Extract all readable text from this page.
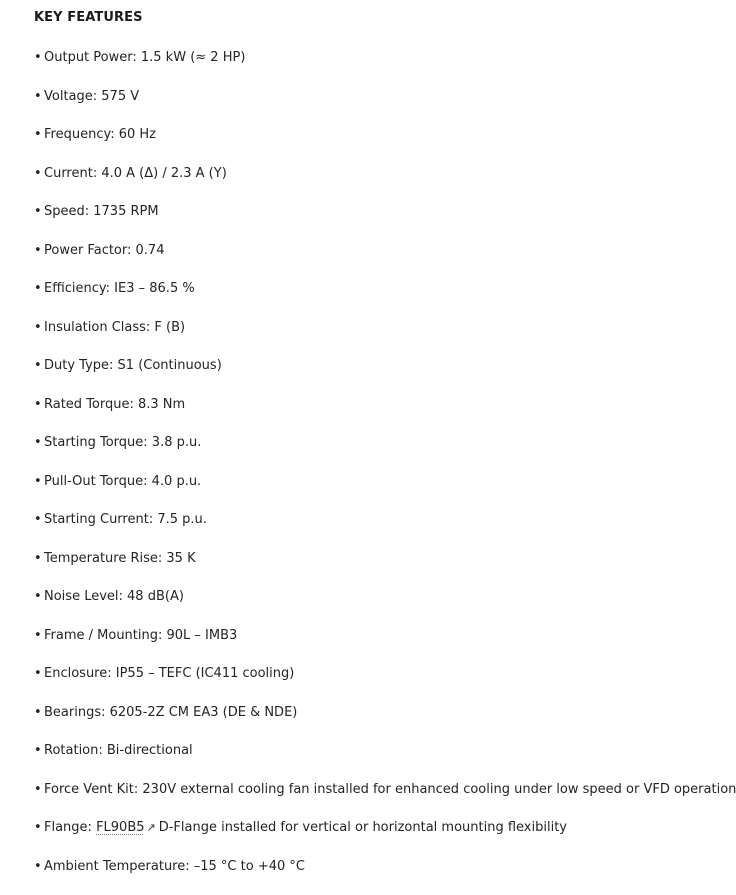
KEY FEATURES
• Output Power: 1.5 kW (≈ 2 HP)
• Voltage: 575 V
• Frequency: 60 Hz
• Current: 4.0 A (Δ) / 2.3 A (Y)
• Speed: 1735 RPM
• Power Factor: 0.74
• Efficiency: IE3 – 86.5 %
• Insulation Class: F (B)
• Duty Type: S1 (Continuous)
• Rated Torque: 8.3 Nm
• Starting Torque: 3.8 p.u.
• Pull-Out Torque: 4.0 p.u.
• Starting Current: 7.5 p.u.
• Temperature Rise: 35 K
• Noise Level: 48 dB(A)
• Frame / Mounting: 90L – IMB3
• Enclosure: IP55 – TEFC (IC411 cooling)
• Bearings: 6205-2Z CM EA3 (DE & NDE)
• Rotation: Bi-directional
• Force Vent Kit: 230V external cooling fan installed for enhanced cooling under low speed or VFD operation
• Flange: FL90B5 ↗ D-Flange installed for vertical or horizontal mounting flexibility
• Ambient Temperature: –15 °C to +40 °C
